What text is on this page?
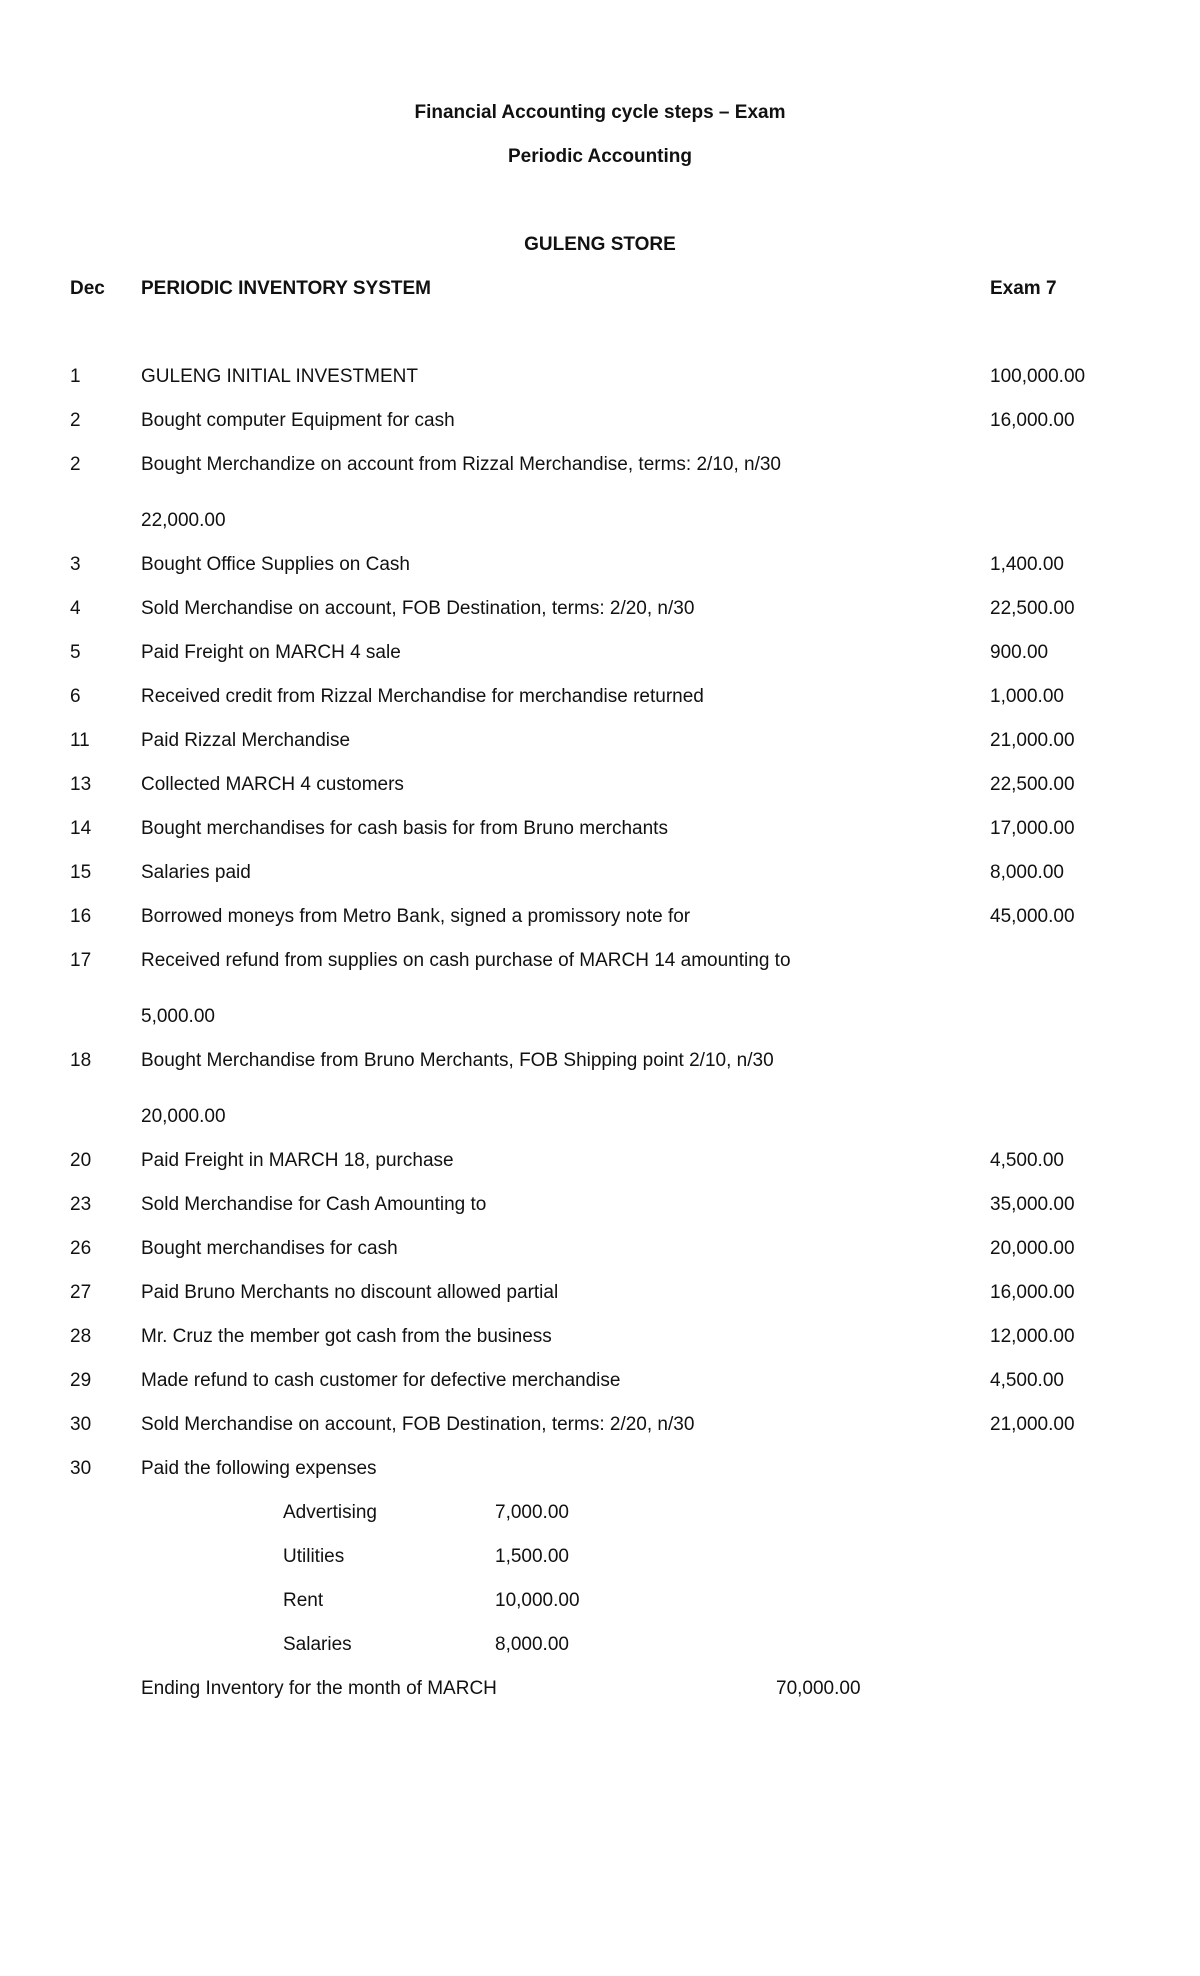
Financial Accounting cycle steps – Exam
Periodic Accounting
GULENG STORE
Dec PERIODIC INVENTORY SYSTEM	Exam 7
1	GULENG INITIAL INVESTMENT	100,000.00
2	Bought computer Equipment for cash	16,000.00
2	Bought Merchandize on account from Rizzal Merchandise, terms: 2/10, n/30
22,000.00
3	Bought Office Supplies on Cash	1,400.00
4	Sold Merchandise on account, FOB Destination, terms: 2/20, n/30	22,500.00
5	Paid Freight on MARCH 4 sale	900.00
6	Received credit from Rizzal Merchandise for merchandise returned	1,000.00
11	Paid Rizzal Merchandise	21,000.00
13	Collected MARCH 4 customers	22,500.00
14	Bought merchandises for cash basis for from Bruno merchants	17,000.00
15	Salaries paid	8,000.00
16	Borrowed moneys from Metro Bank, signed a promissory note for	45,000.00
17	Received refund from supplies on cash purchase of MARCH 14 amounting to
5,000.00
18	Bought Merchandise from Bruno Merchants, FOB Shipping point 2/10, n/30
20,000.00
20	Paid Freight in MARCH 18, purchase	4,500.00
23	Sold Merchandise for Cash Amounting to	35,000.00
26	Bought merchandises for cash	20,000.00
27	Paid Bruno Merchants no discount allowed partial	16,000.00
28	Mr. Cruz the member got cash from the business	12,000.00
29	Made refund to cash customer for defective merchandise	4,500.00
30	Sold Merchandise on account, FOB Destination, terms: 2/20, n/30	21,000.00
30	Paid the following expenses
Advertising	7,000.00
Utilities	1,500.00
Rent	10,000.00
Salaries	8,000.00
Ending Inventory for the month of MARCH	70,000.00
